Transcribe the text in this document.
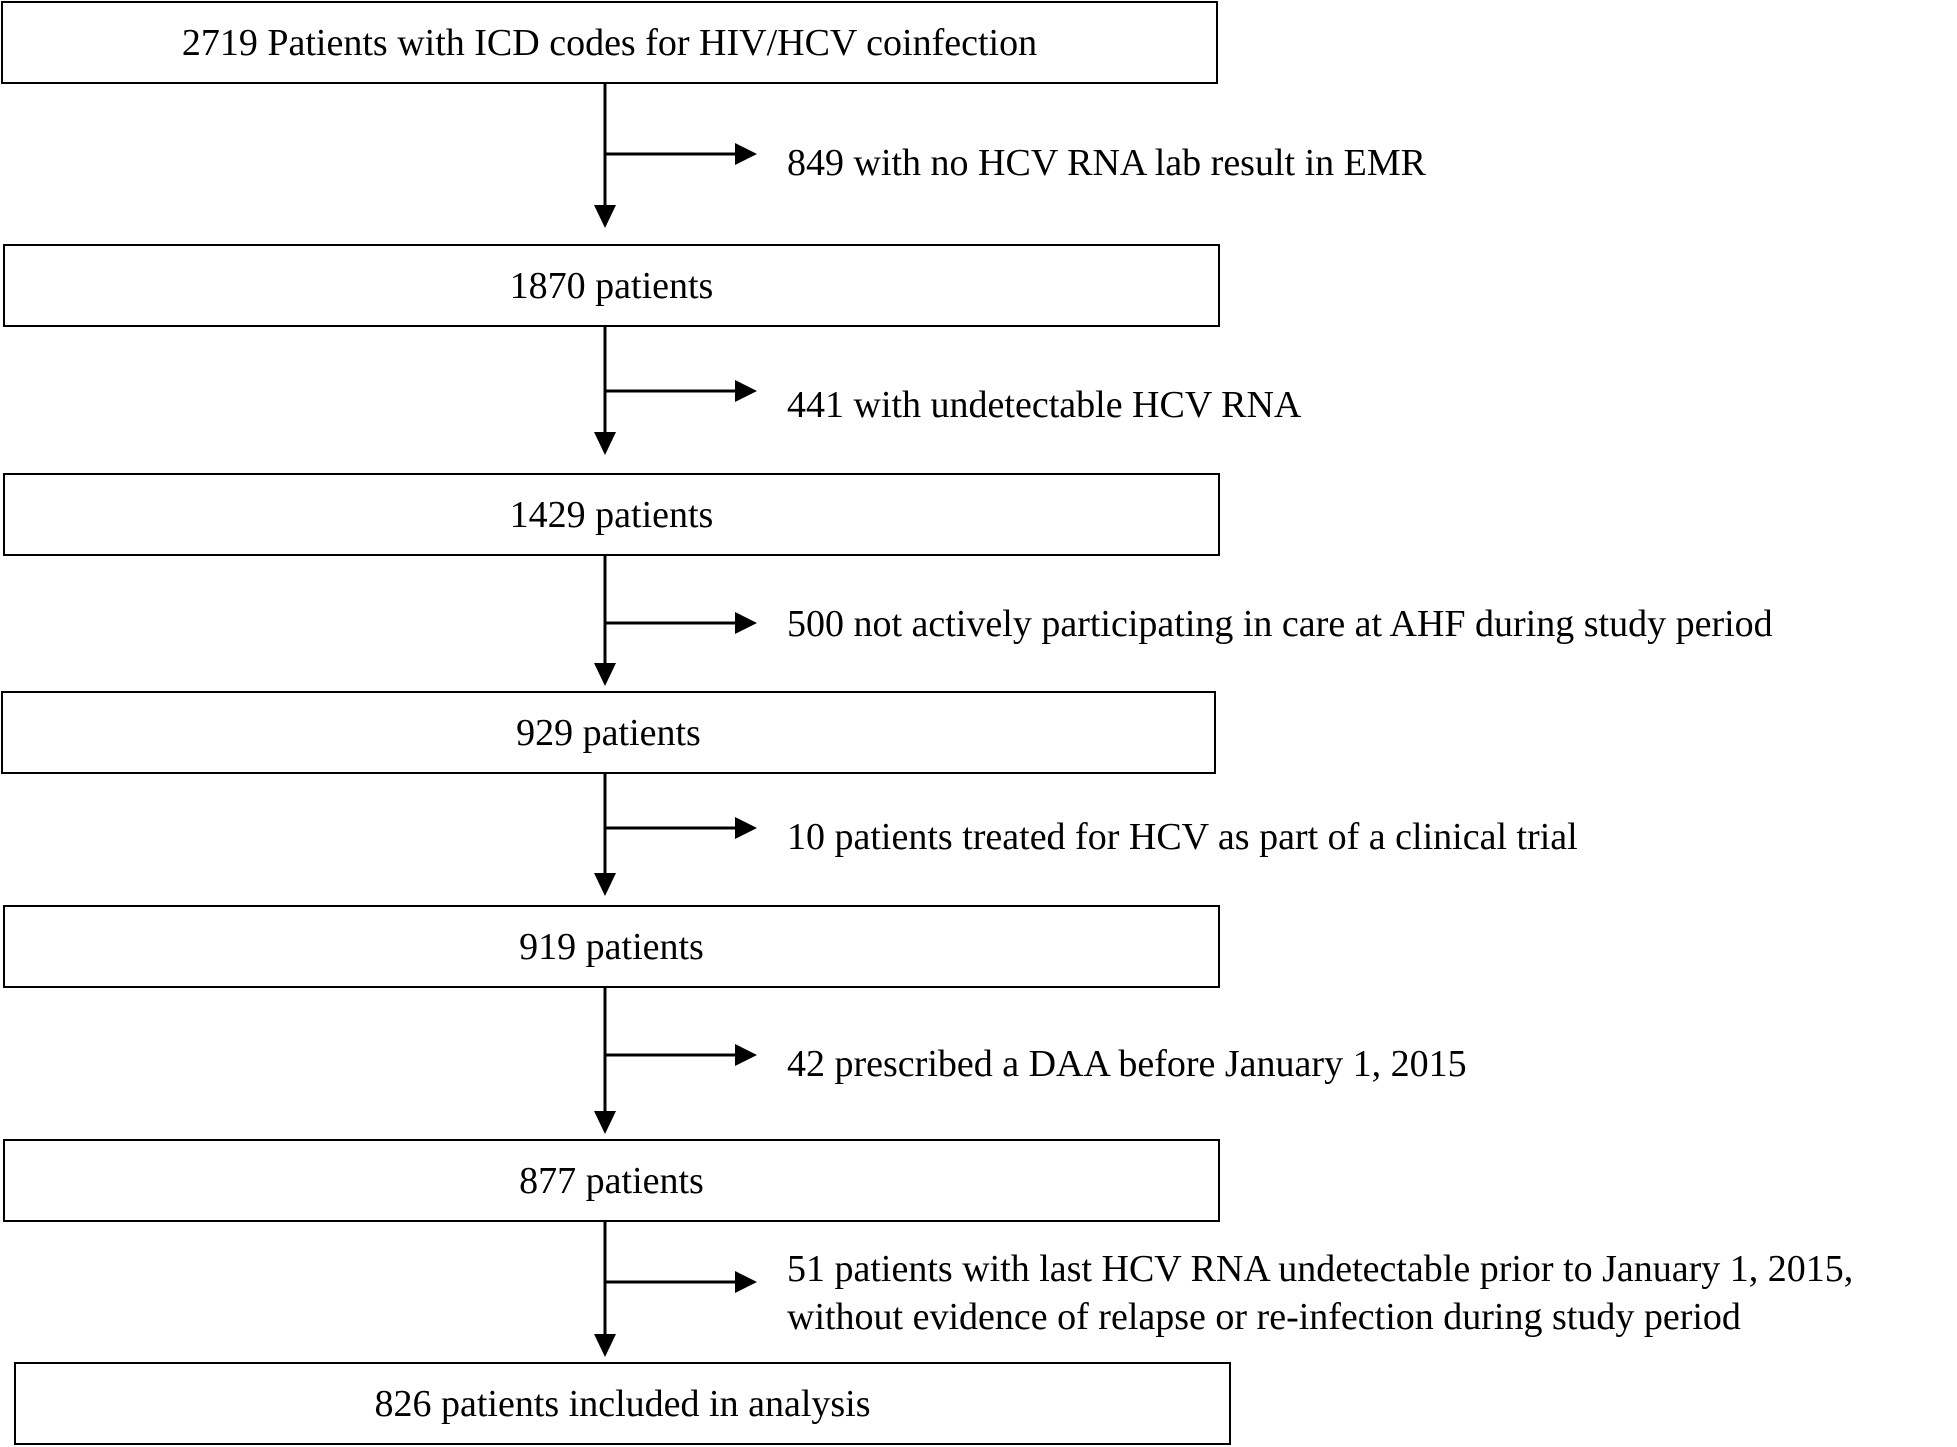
2719 Patients with ICD codes for HIV/HCV coinfection
1870 patients
1429 patients
929 patients
919 patients
877 patients
826 patients included in analysis
849 with no HCV RNA lab result in EMR
441 with undetectable HCV RNA
500 not actively participating in care at AHF during study period
10 patients treated for HCV as part of a clinical trial
42 prescribed a DAA before January 1, 2015
51 patients with last HCV RNA undetectable prior to January 1, 2015,
without evidence of relapse or re-infection during study period
